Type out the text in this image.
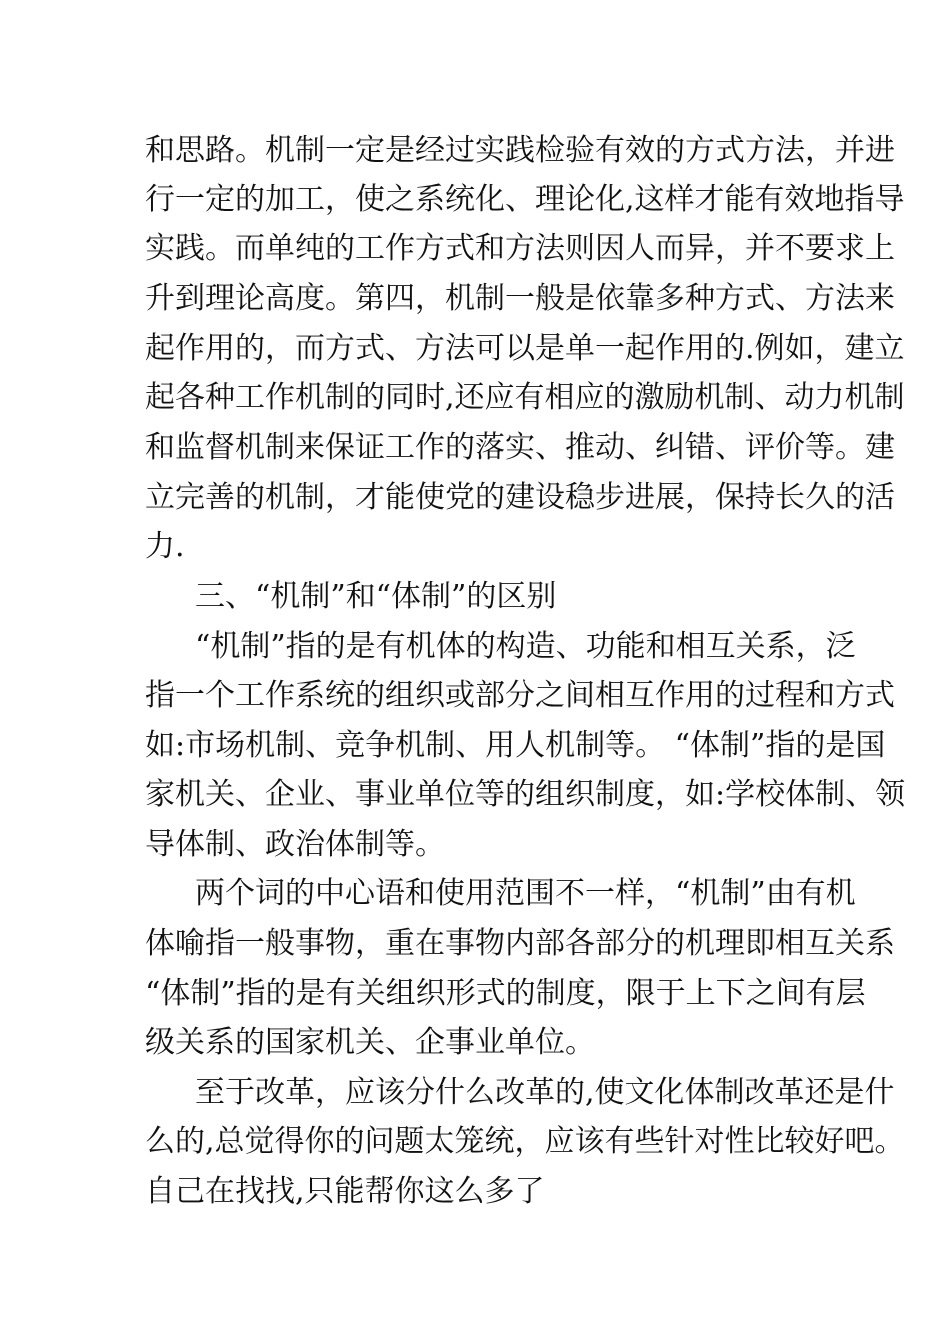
和思路。机制一定是经过实践检验有效的方式方法，并进
行一定的加工，使之系统化、理论化,这样才能有效地指导
实践。而单纯的工作方式和方法则因人而异，并不要求上
升到理论高度。第四，机制一般是依靠多种方式、方法来
起作用的，而方式、方法可以是单一起作用的.例如，建立
起各种工作机制的同时,还应有相应的激励机制、动力机制
和监督机制来保证工作的落实、推动、纠错、评价等。建
立完善的机制，才能使党的建设稳步进展，保持长久的活
力.
三、“机制”和“体制”的区别
“机制”指的是有机体的构造、功能和相互关系，泛
指一个工作系统的组织或部分之间相互作用的过程和方式
如:市场机制、竞争机制、用人机制等。 “体制”指的是国
家机关、企业、事业单位等的组织制度，如:学校体制、领
导体制、政治体制等。
两个词的中心语和使用范围不一样，“机制”由有机
体喻指一般事物，重在事物内部各部分的机理即相互关系
“体制”指的是有关组织形式的制度，限于上下之间有层
级关系的国家机关、企事业单位。
至于改革，应该分什么改革的,使文化体制改革还是什
么的,总觉得你的问题太笼统，应该有些针对性比较好吧。
自己在找找,只能帮你这么多了
